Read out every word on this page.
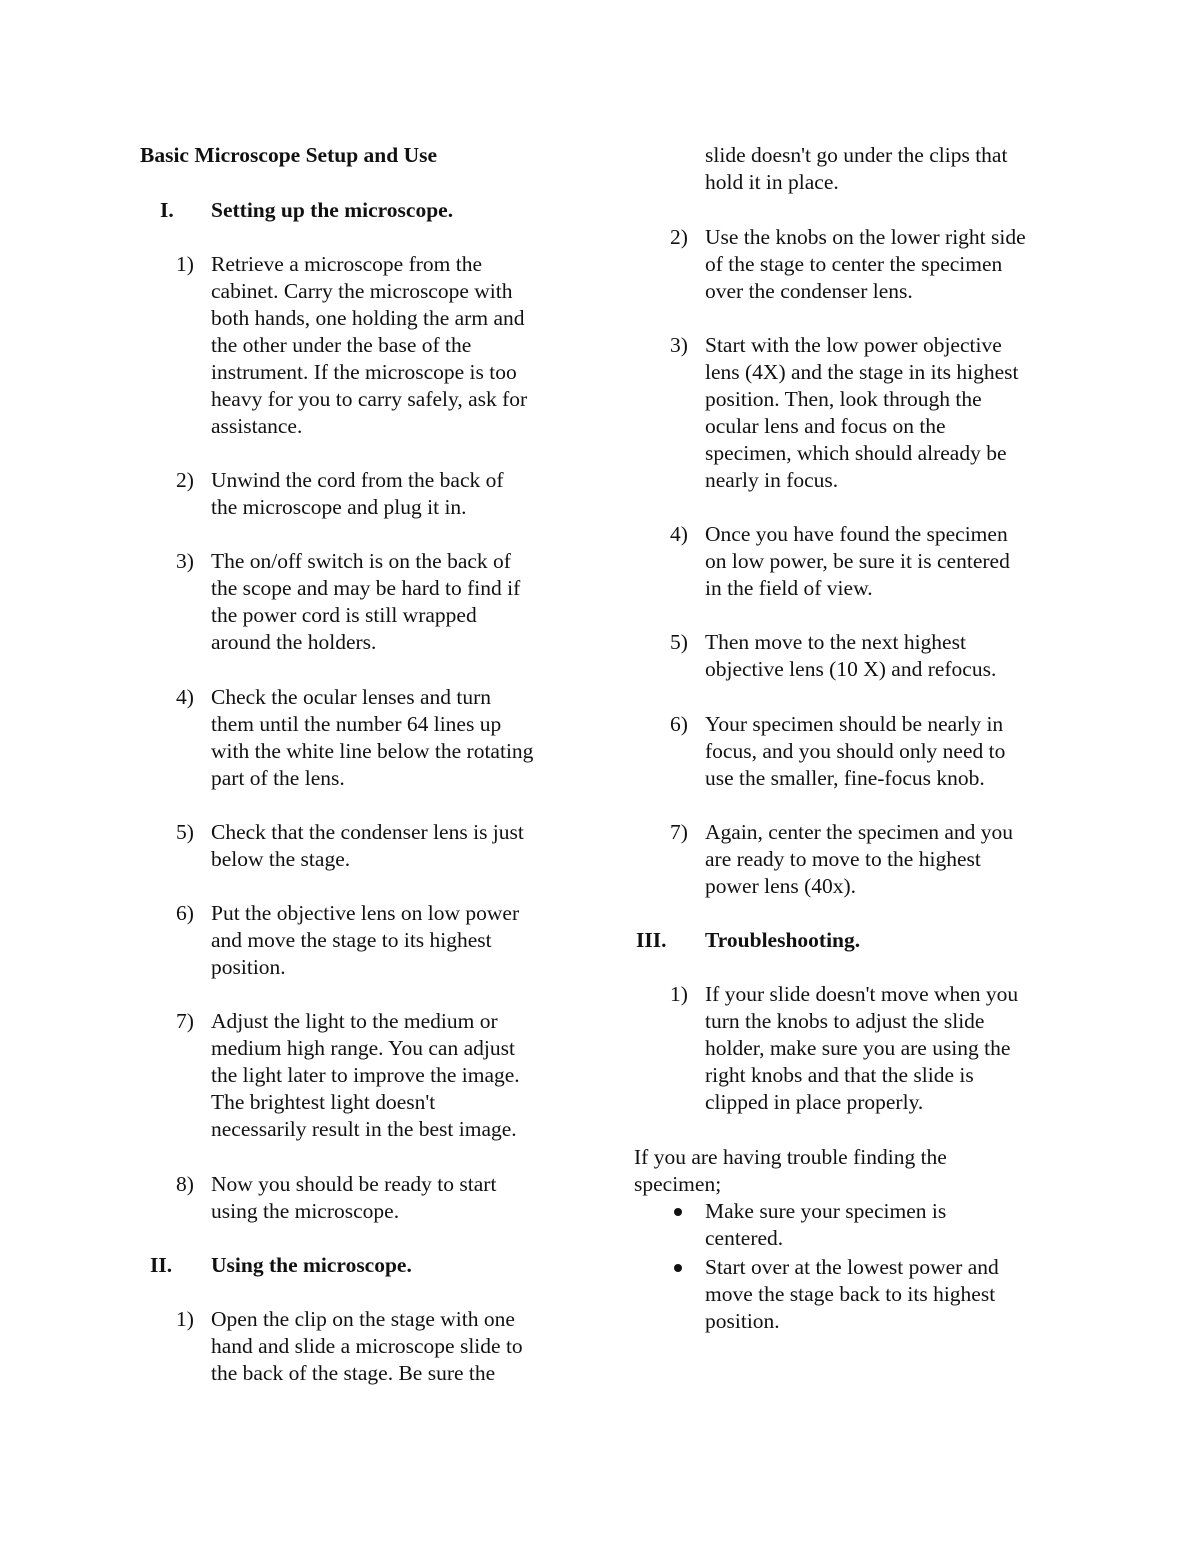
Basic Microscope Setup and Use
I. Setting up the microscope.
1) Retrieve a microscope from the
cabinet. Carry the microscope with
both hands, one holding the arm and
the other under the base of the
instrument. If the microscope is too
heavy for you to carry safely, ask for
assistance.
2) Unwind the cord from the back of
the microscope and plug it in.
3) The on/off switch is on the back of
the scope and may be hard to find if
the power cord is still wrapped
around the holders.
4) Check the ocular lenses and turn
them until the number 64 lines up
with the white line below the rotating
part of the lens.
5) Check that the condenser lens is just
below the stage.
6) Put the objective lens on low power
and move the stage to its highest
position.
7) Adjust the light to the medium or
medium high range. You can adjust
the light later to improve the image.
The brightest light doesn't
necessarily result in the best image.
8) Now you should be ready to start
using the microscope.
II. Using the microscope.
1) Open the clip on the stage with one
hand and slide a microscope slide to
the back of the stage. Be sure the
slide doesn't go under the clips that
hold it in place.
2) Use the knobs on the lower right side
of the stage to center the specimen
over the condenser lens.
3) Start with the low power objective
lens (4X) and the stage in its highest
position. Then, look through the
ocular lens and focus on the
specimen, which should already be
nearly in focus.
4) Once you have found the specimen
on low power, be sure it is centered
in the field of view.
5) Then move to the next highest
objective lens (10 X) and refocus.
6) Your specimen should be nearly in
focus, and you should only need to
use the smaller, fine-focus knob.
7) Again, center the specimen and you
are ready to move to the highest
power lens (40x).
III. Troubleshooting.
1) If your slide doesn't move when you
turn the knobs to adjust the slide
holder, make sure you are using the
right knobs and that the slide is
clipped in place properly.
If you are having trouble finding the
specimen;
Make sure your specimen is
centered.
Start over at the lowest power and
move the stage back to its highest
position.
